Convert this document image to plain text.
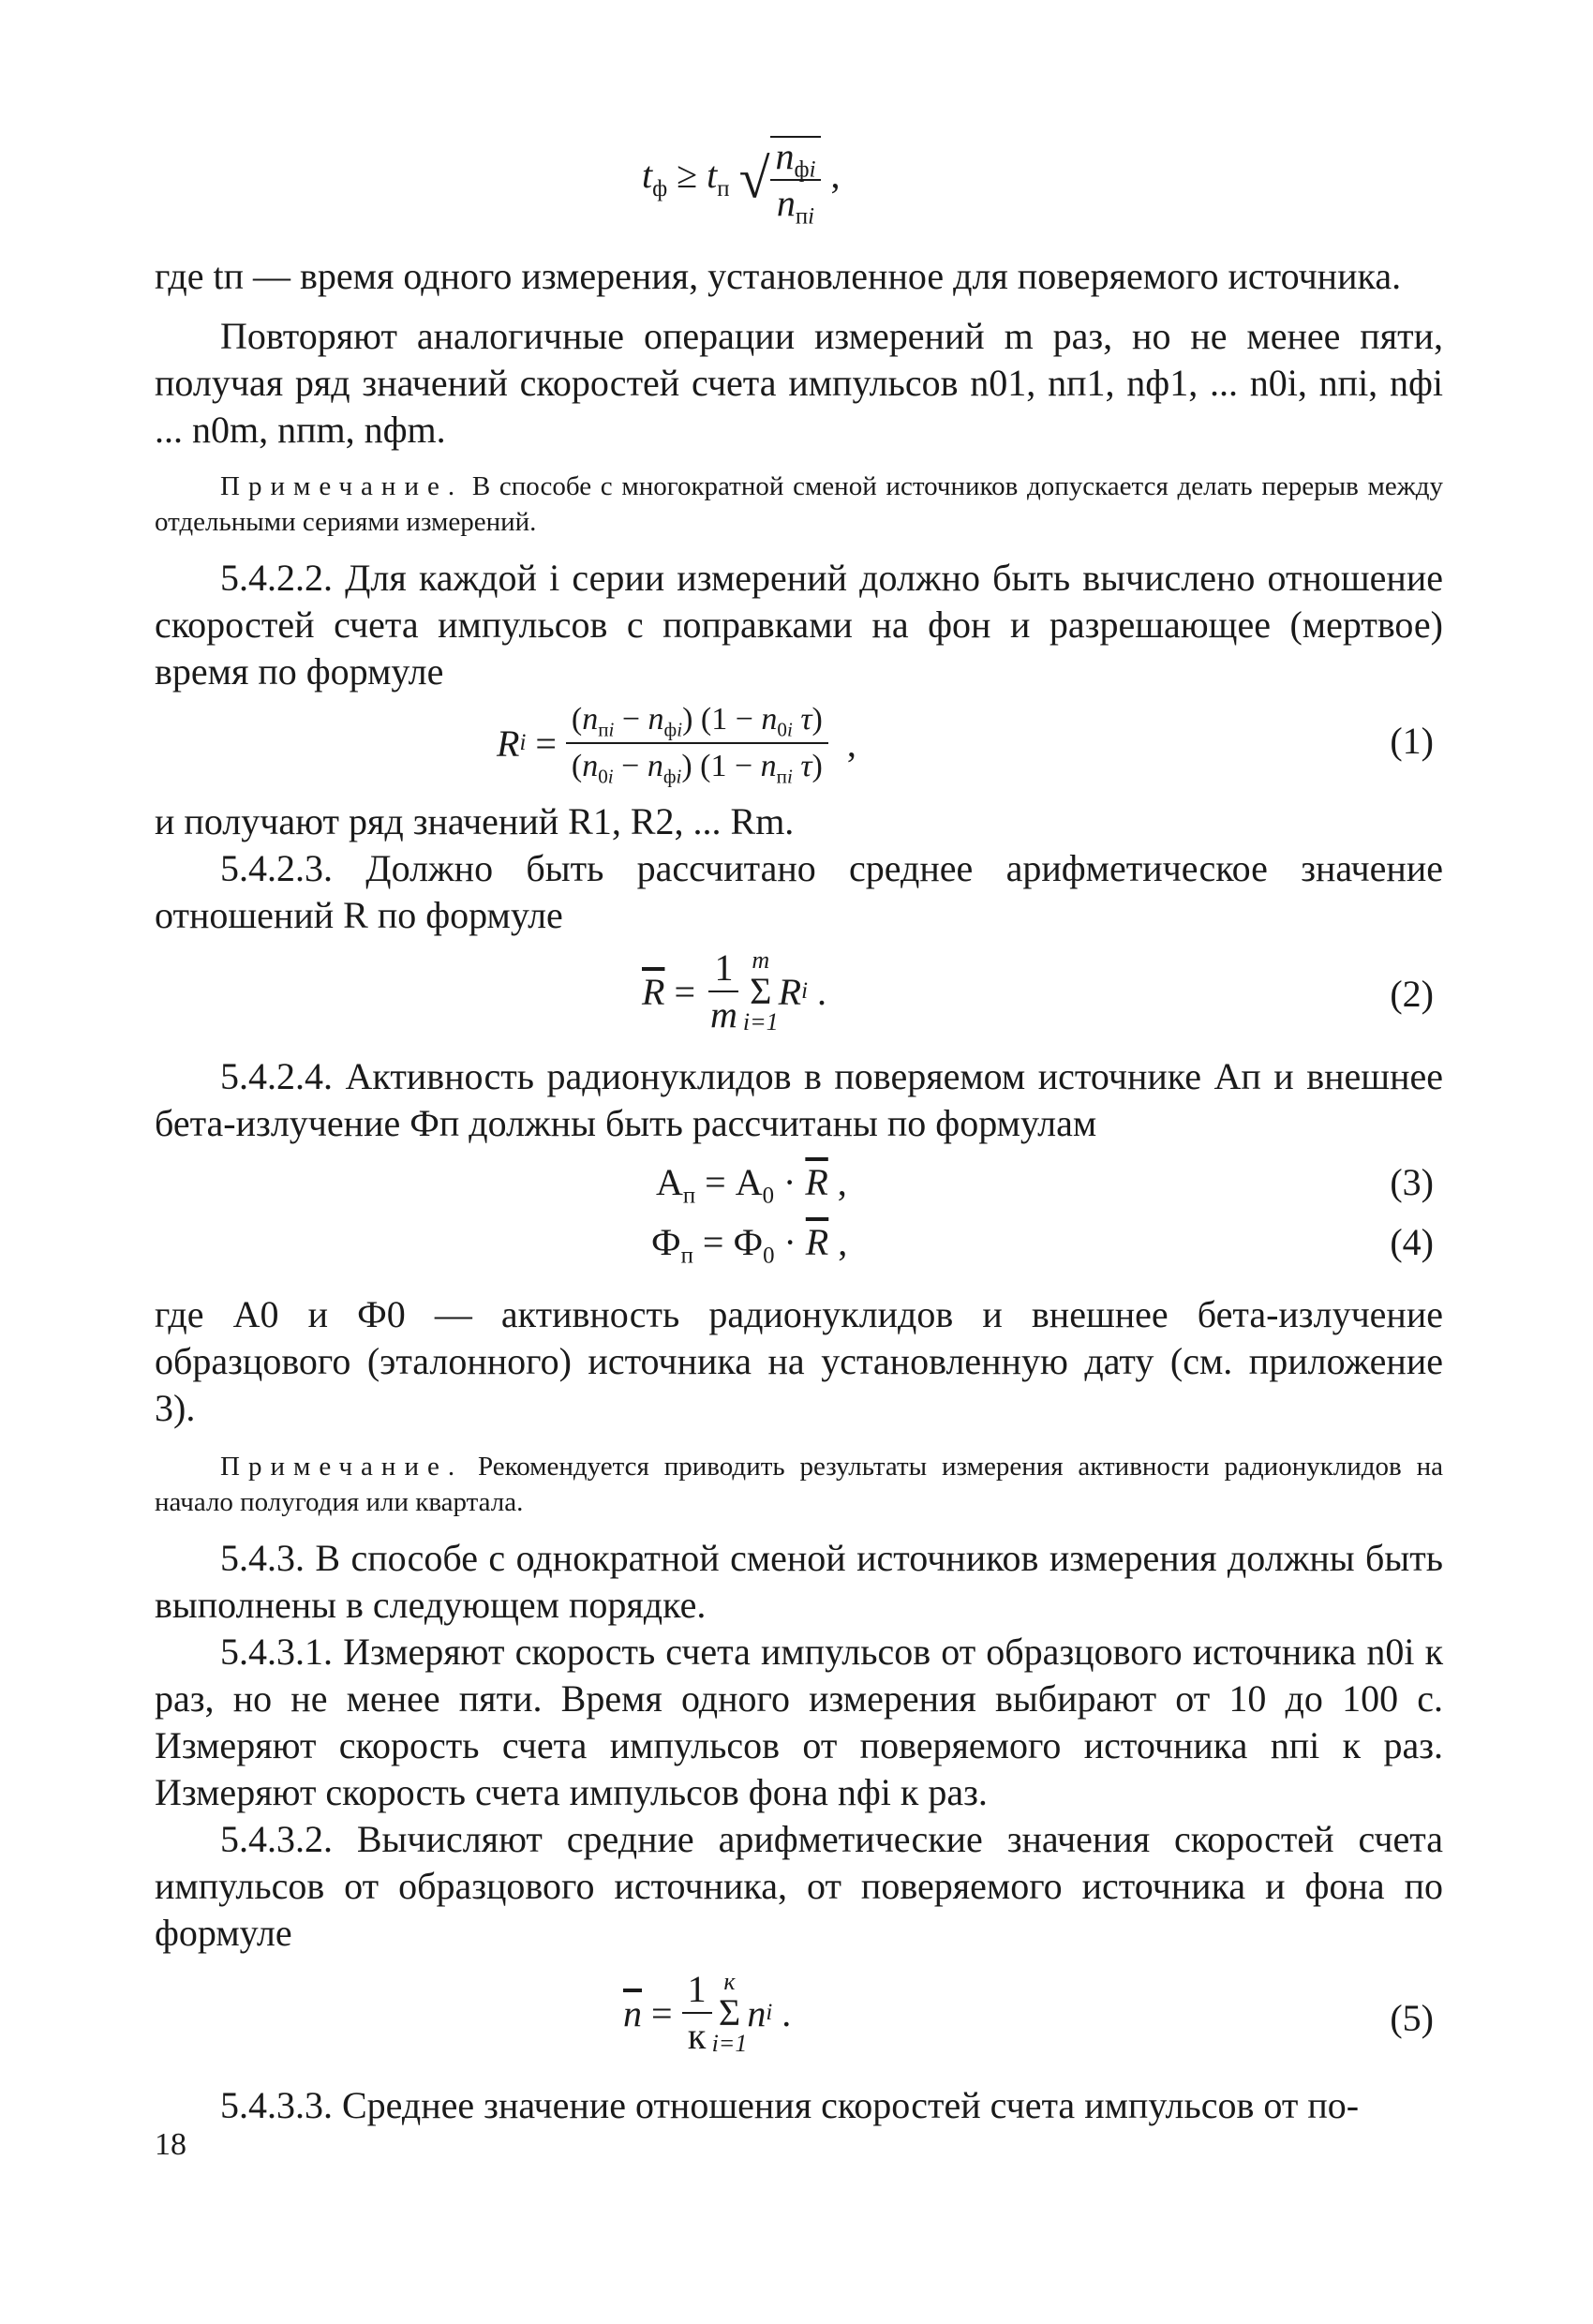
$t_ф \ge t_п$ √ $\frac{n_{фi}}{n_{пi}}$ ,

где tп — время одного измерения, установленное для поверяемого источника.

Повторяют аналогичные операции измерений m раз, но не менее пяти, получая ряд значений скоростей счета импульсов n01, nп1, nф1, ... n0i, nпi, nфi ... n0m, nпm, nфm.

Примечание. В способе с многократной сменой источников допускается делать перерыв между отдельными сериями измерений.

5.4.2.2. Для каждой i серии измерений должно быть вычислено отношение скоростей счета импульсов с поправками на фон и разрешающее (мертвое) время по формуле

R $i = \frac{(n_{пi} - n_{фi}) (1 - n_{0i} \tau)}{(n_{0i} - n_{фi}) (1 - n_{пi} \tau)}$ ,	(1)

и получают ряд значений R1, R2, ... Rm.

5.4.2.3. Должно быть рассчитано среднее арифметическое значение отношений R по формуле

$\overline{R} = \frac{1}{m}$ m
Σ
i=1
R i .	(2)

5.4.2.4. Активность радионуклидов в поверяемом источнике Aп и внешнее бета-излучение Фп должны быть рассчитаны по формулам

$A_п = A_0 \cdot \overline{R}$ ,	(3)
$Ф_п = Ф_0 \cdot \overline{R}$ ,	(4)

где A0 и Ф0 — активность радионуклидов и внешнее бета-излучение образцового (эталонного) источника на установленную дату (см. приложение 3).

Примечание. Рекомендуется приводить результаты измерения активности радионуклидов на начало полугодия или квартала.

5.4.3. В способе с однократной сменой источников измерения должны быть выполнены в следующем порядке.

5.4.3.1. Измеряют скорость счета импульсов от образцового источника n0i к раз, но не менее пяти. Время одного измерения выбирают от 10 до 100 с. Измеряют скорость счета импульсов от поверяемого источника nпi к раз. Измеряют скорость счета импульсов фона nфi к раз.

5.4.3.2. Вычисляют средние арифметические значения скоростей счета импульсов от образцового источника, от поверяемого источника и фона по формуле

$\overline{n} = \frac{1}{к}$ к
Σ
i=1
n i .	(5)

5.4.3.3. Среднее значение отношения скоростей счета импульсов от по-

18
